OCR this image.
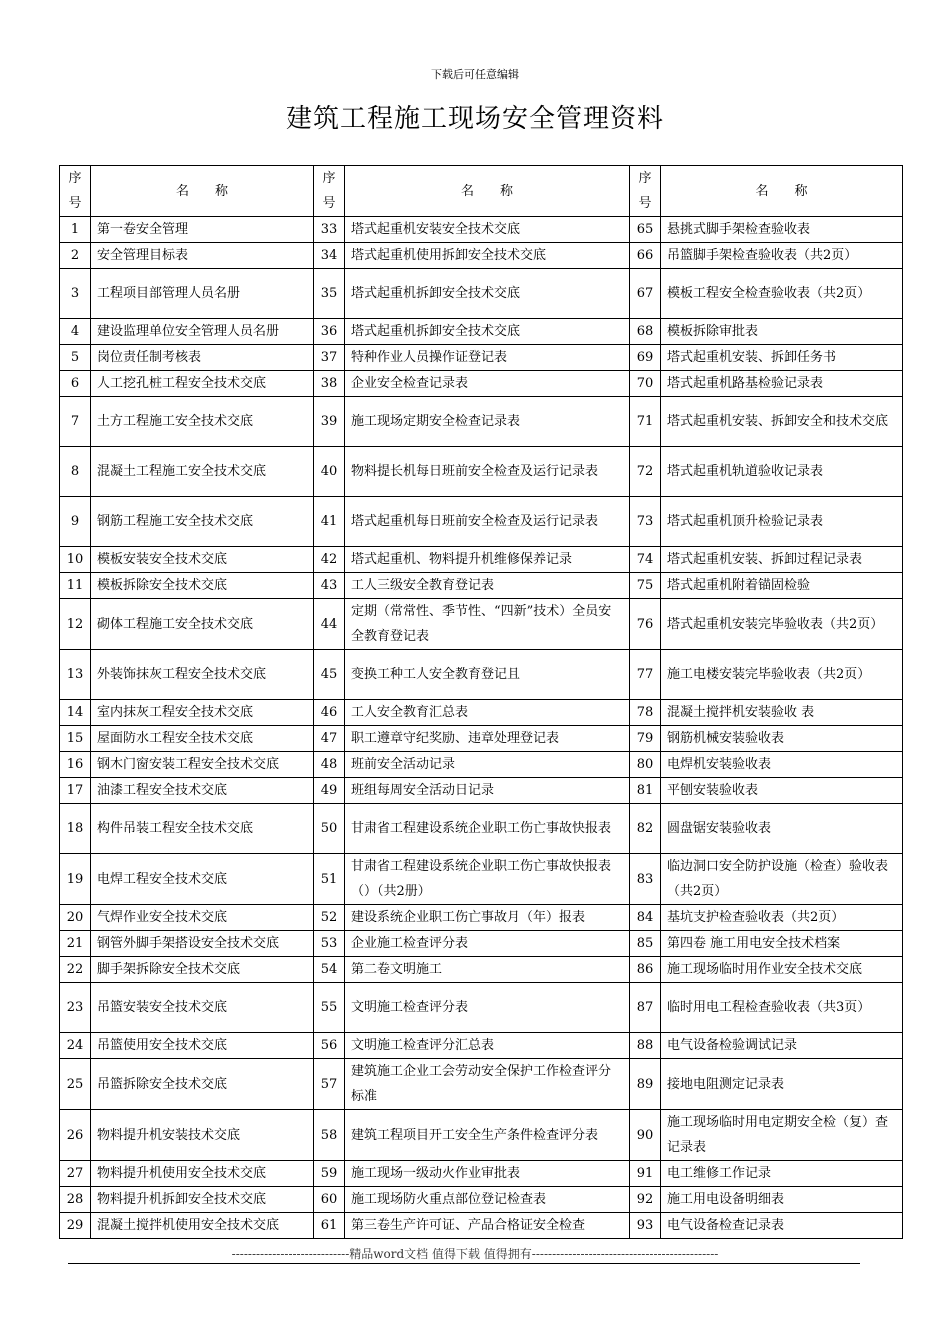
下载后可任意编辑
建筑工程施工现场安全管理资料
序号	名　　称	序号	名　　称	序号	名　　称
1	第一卷安全管理	33	塔式起重机安装安全技术交底	65	悬挑式脚手架检查验收表
2	安全管理目标表	34	塔式起重机使用拆卸安全技术交底	66	吊篮脚手架检查验收表（共2页）
3	工程项目部管理人员名册	35	塔式起重机拆卸安全技术交底	67	模板工程安全检查验收表（共2页）
4	建设监理单位安全管理人员名册	36	塔式起重机拆卸安全技术交底	68	模板拆除审批表
5	岗位责任制考核表	37	特种作业人员操作证登记表	69	塔式起重机安装、拆卸任务书
6	人工挖孔桩工程安全技术交底	38	企业安全检查记录表	70	塔式起重机路基检验记录表
7	土方工程施工安全技术交底	39	施工现场定期安全检查记录表	71	塔式起重机安装、拆卸安全和技术交底
8	混凝土工程施工安全技术交底	40	物料提长机每日班前安全检查及运行记录表	72	塔式起重机轨道验收记录表
9	钢筋工程施工安全技术交底	41	塔式起重机每日班前安全检查及运行记录表	73	塔式起重机顶升检验记录表
10	模板安装安全技术交底	42	塔式起重机、物料提升机维修保养记录	74	塔式起重机安装、拆卸过程记录表
11	模板拆除安全技术交底	43	工人三级安全教育登记表	75	塔式起重机附着锚固检验
12	砌体工程施工安全技术交底	44	定期（常常性、季节性、“四新”技术）全员安全教育登记表	76	塔式起重机安装完毕验收表（共2页）
13	外装饰抹灰工程安全技术交底	45	变换工种工人安全教育登记且	77	施工电楼安装完毕验收表（共2页）
14	室内抹灰工程安全技术交底	46	工人安全教育汇总表	78	混凝土搅拌机安装验收 表
15	屋面防水工程安全技术交底	47	职工遵章守纪奖励、违章处理登记表	79	钢筋机械安装验收表
16	钢木门窗安装工程安全技术交底	48	班前安全活动记录	80	电焊机安装验收表
17	油漆工程安全技术交底	49	班组每周安全活动日记录	81	平刨安装验收表
18	构件吊装工程安全技术交底	50	甘肃省工程建设系统企业职工伤亡事故快报表	82	圆盘锯安装验收表
19	电焊工程安全技术交底	51	甘肃省工程建设系统企业职工伤亡事故快报表（）（共2册）	83	临边洞口安全防护设施（检查）验收表（共2页）
20	气焊作业安全技术交底	52	建设系统企业职工伤亡事故月（年）报表	84	基坑支护检查验收表（共2页）
21	钢管外脚手架搭设安全技术交底	53	企业施工检查评分表	85	第四卷 施工用电安全技术档案
22	脚手架拆除安全技术交底	54	第二卷文明施工	86	施工现场临时用作业安全技术交底
23	吊篮安装安全技术交底	55	文明施工检查评分表	87	临时用电工程检查验收表（共3页）
24	吊篮使用安全技术交底	56	文明施工检查评分汇总表	88	电气设备检验调试记录
25	吊篮拆除安全技术交底	57	建筑施工企业工会劳动安全保护工作检查评分标准	89	接地电阻测定记录表
26	物料提升机安装技术交底	58	建筑工程项目开工安全生产条件检查评分表	90	施工现场临时用电定期安全检（复）查记录表
27	物料提升机使用安全技术交底	59	施工现场一级动火作业审批表	91	电工维修工作记录
28	物料提升机拆卸安全技术交底	60	施工现场防火重点部位登记检查表	92	施工用电设备明细表
29	混凝土搅拌机使用安全技术交底	61	第三卷生产许可证、产品合格证安全检查	93	电气设备检查记录表
-----------------------------精品word文档 值得下载 值得拥有----------------------------------------------
